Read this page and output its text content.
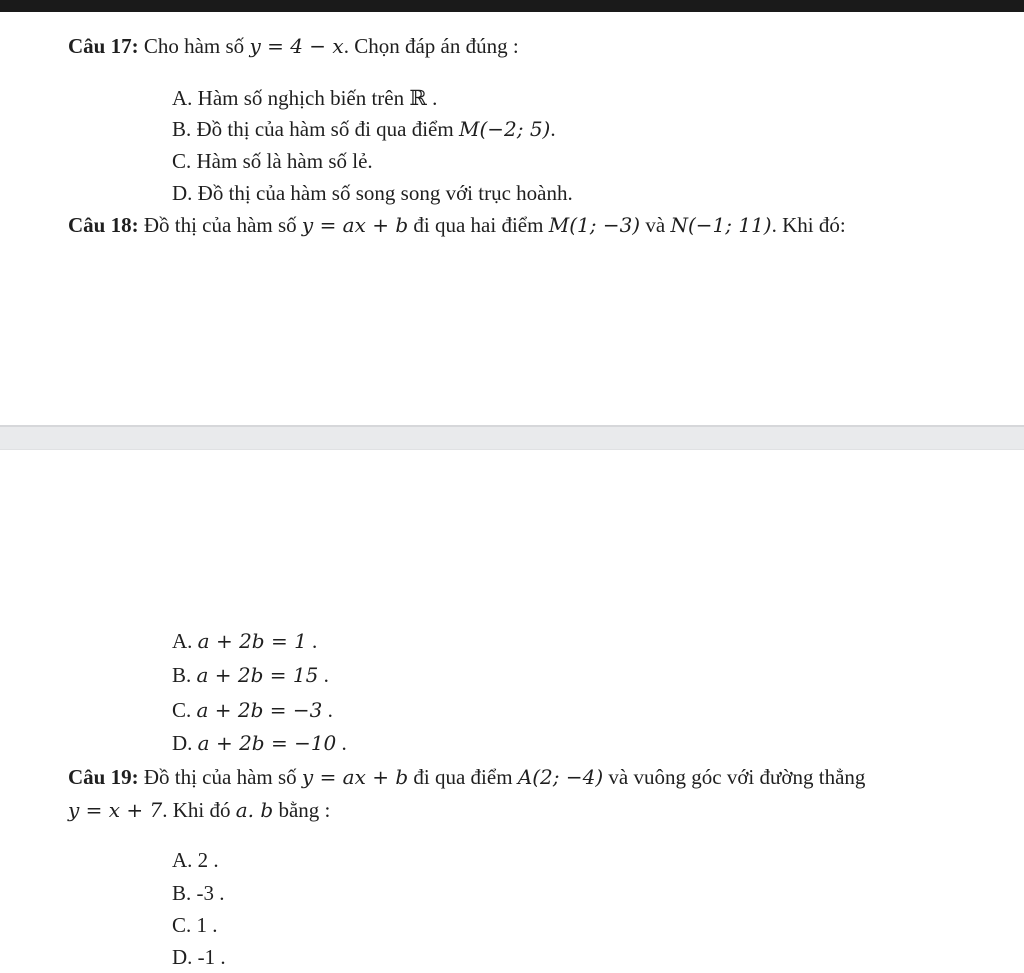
Câu 17: Cho hàm số y = 4 − x. Chọn đáp án đúng :
A. Hàm số nghịch biến trên ℝ .
B. Đồ thị của hàm số đi qua điểm M(−2; 5).
C. Hàm số là hàm số lẻ.
D. Đồ thị của hàm số song song với trục hoành.
Câu 18: Đồ thị của hàm số y = ax + b đi qua hai điểm M(1; −3) và N(−1; 11). Khi đó:
A. a + 2b = 1 .
B. a + 2b = 15 .
C. a + 2b = −3 .
D. a + 2b = −10 .
Câu 19: Đồ thị của hàm số y = ax + b đi qua điểm A(2; −4) và vuông góc với đường thẳng
y = x + 7. Khi đó a. b bằng :
A. 2 .
B. -3 .
C. 1 .
D. -1 .
